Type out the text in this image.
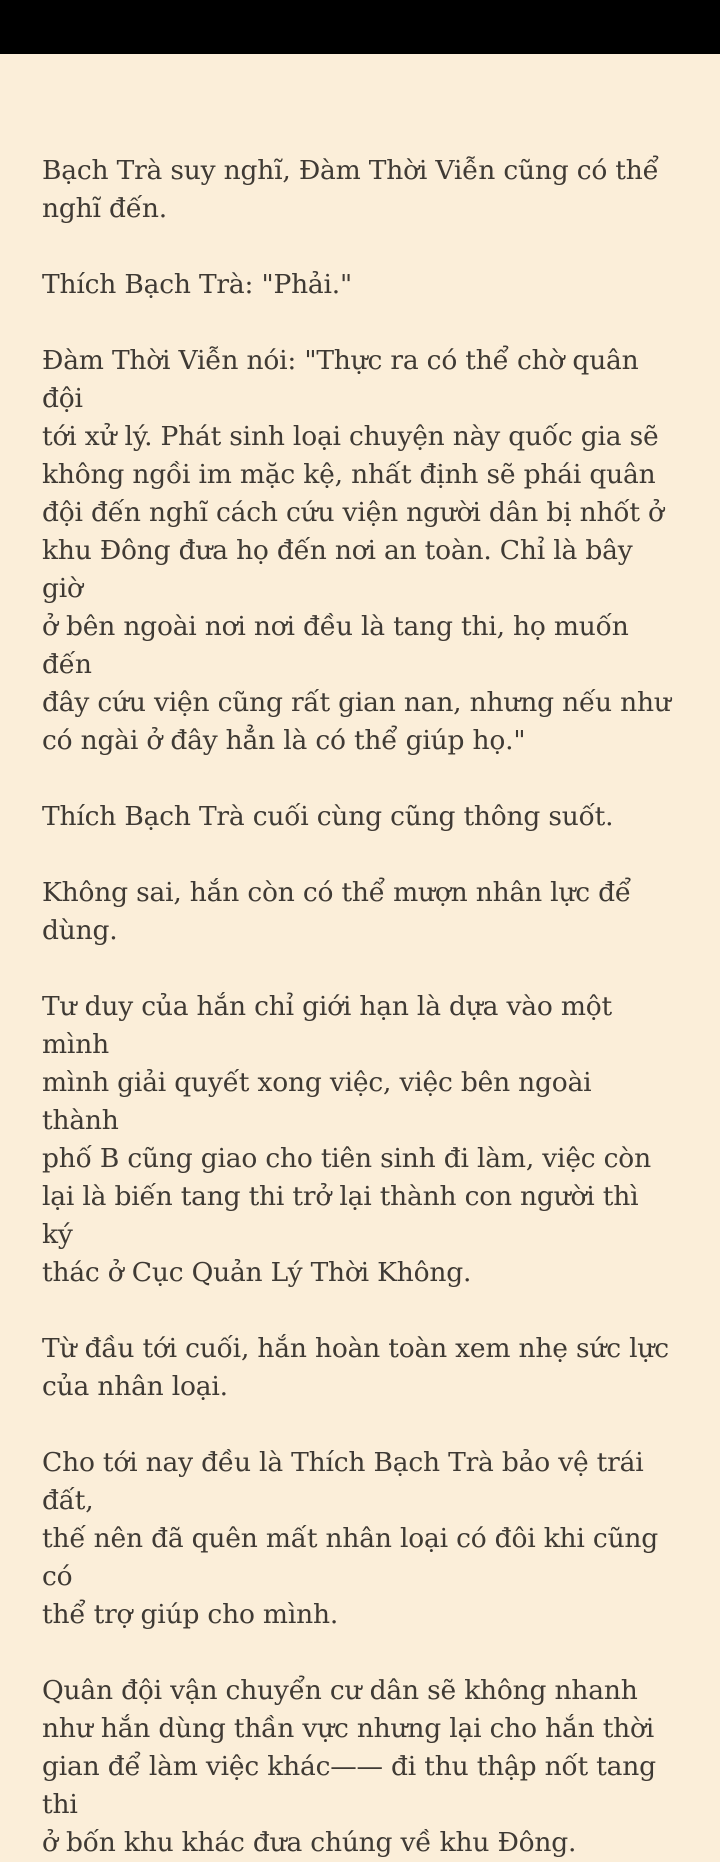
Bạch Trà suy nghĩ, Đàm Thời Viễn cũng có thể
nghĩ đến.

Thích Bạch Trà: "Phải."

Đàm Thời Viễn nói: "Thực ra có thể chờ quân đội
tới xử lý. Phát sinh loại chuyện này quốc gia sẽ
không ngồi im mặc kệ, nhất định sẽ phái quân
đội đến nghĩ cách cứu viện người dân bị nhốt ở
khu Đông đưa họ đến nơi an toàn. Chỉ là bây giờ
ở bên ngoài nơi nơi đều là tang thi, họ muốn đến
đây cứu viện cũng rất gian nan, nhưng nếu như
có ngài ở đây hẳn là có thể giúp họ."

Thích Bạch Trà cuối cùng cũng thông suốt.

Không sai, hắn còn có thể mượn nhân lực để
dùng.

Tư duy của hắn chỉ giới hạn là dựa vào một mình
mình giải quyết xong việc, việc bên ngoài thành
phố B cũng giao cho tiên sinh đi làm, việc còn
lại là biến tang thi trở lại thành con người thì ký
thác ở Cục Quản Lý Thời Không.

Từ đầu tới cuối, hắn hoàn toàn xem nhẹ sức lực
của nhân loại.

Cho tới nay đều là Thích Bạch Trà bảo vệ trái đất,
thế nên đã quên mất nhân loại có đôi khi cũng có
thể trợ giúp cho mình.

Quân đội vận chuyển cư dân sẽ không nhanh
như hắn dùng thần vực nhưng lại cho hắn thời
gian để làm việc khác—— đi thu thập nốt tang thi
ở bốn khu khác đưa chúng về khu Đông.
